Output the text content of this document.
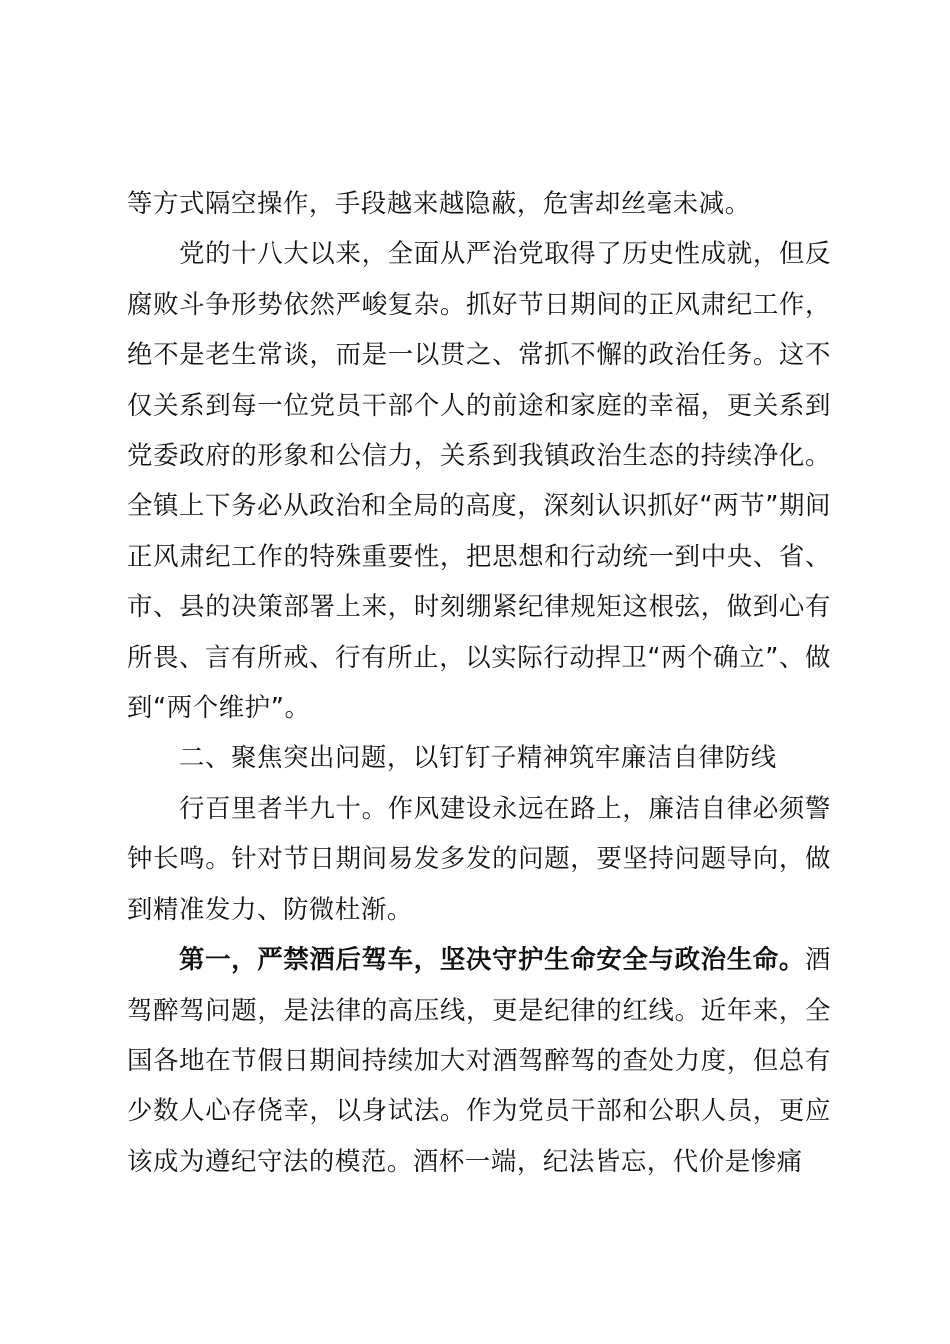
等方式隔空操作，手段越来越隐蔽，危害却丝毫未减。

党的十八大以来，全面从严治党取得了历史性成就，但反腐败斗争形势依然严峻复杂。抓好节日期间的正风肃纪工作，绝不是老生常谈，而是一以贯之、常抓不懈的政治任务。这不仅关系到每一位党员干部个人的前途和家庭的幸福，更关系到党委政府的形象和公信力，关系到我镇政治生态的持续净化。全镇上下务必从政治和全局的高度，深刻认识抓好“两节”期间正风肃纪工作的特殊重要性，把思想和行动统一到中央、省、市、县的决策部署上来，时刻绷紧纪律规矩这根弦，做到心有所畏、言有所戒、行有所止，以实际行动捍卫“两个确立”、做到“两个维护”。

二、聚焦突出问题，以钉钉子精神筑牢廉洁自律防线

行百里者半九十。作风建设永远在路上，廉洁自律必须警钟长鸣。针对节日期间易发多发的问题，要坚持问题导向，做到精准发力、防微杜渐。

第一，严禁酒后驾车，坚决守护生命安全与政治生命。酒驾醉驾问题，是法律的高压线，更是纪律的红线。近年来，全国各地在节假日期间持续加大对酒驾醉驾的查处力度，但总有少数人心存侥幸，以身试法。作为党员干部和公职人员，更应该成为遵纪守法的模范。酒杯一端，纪法皆忘，代价是惨痛
